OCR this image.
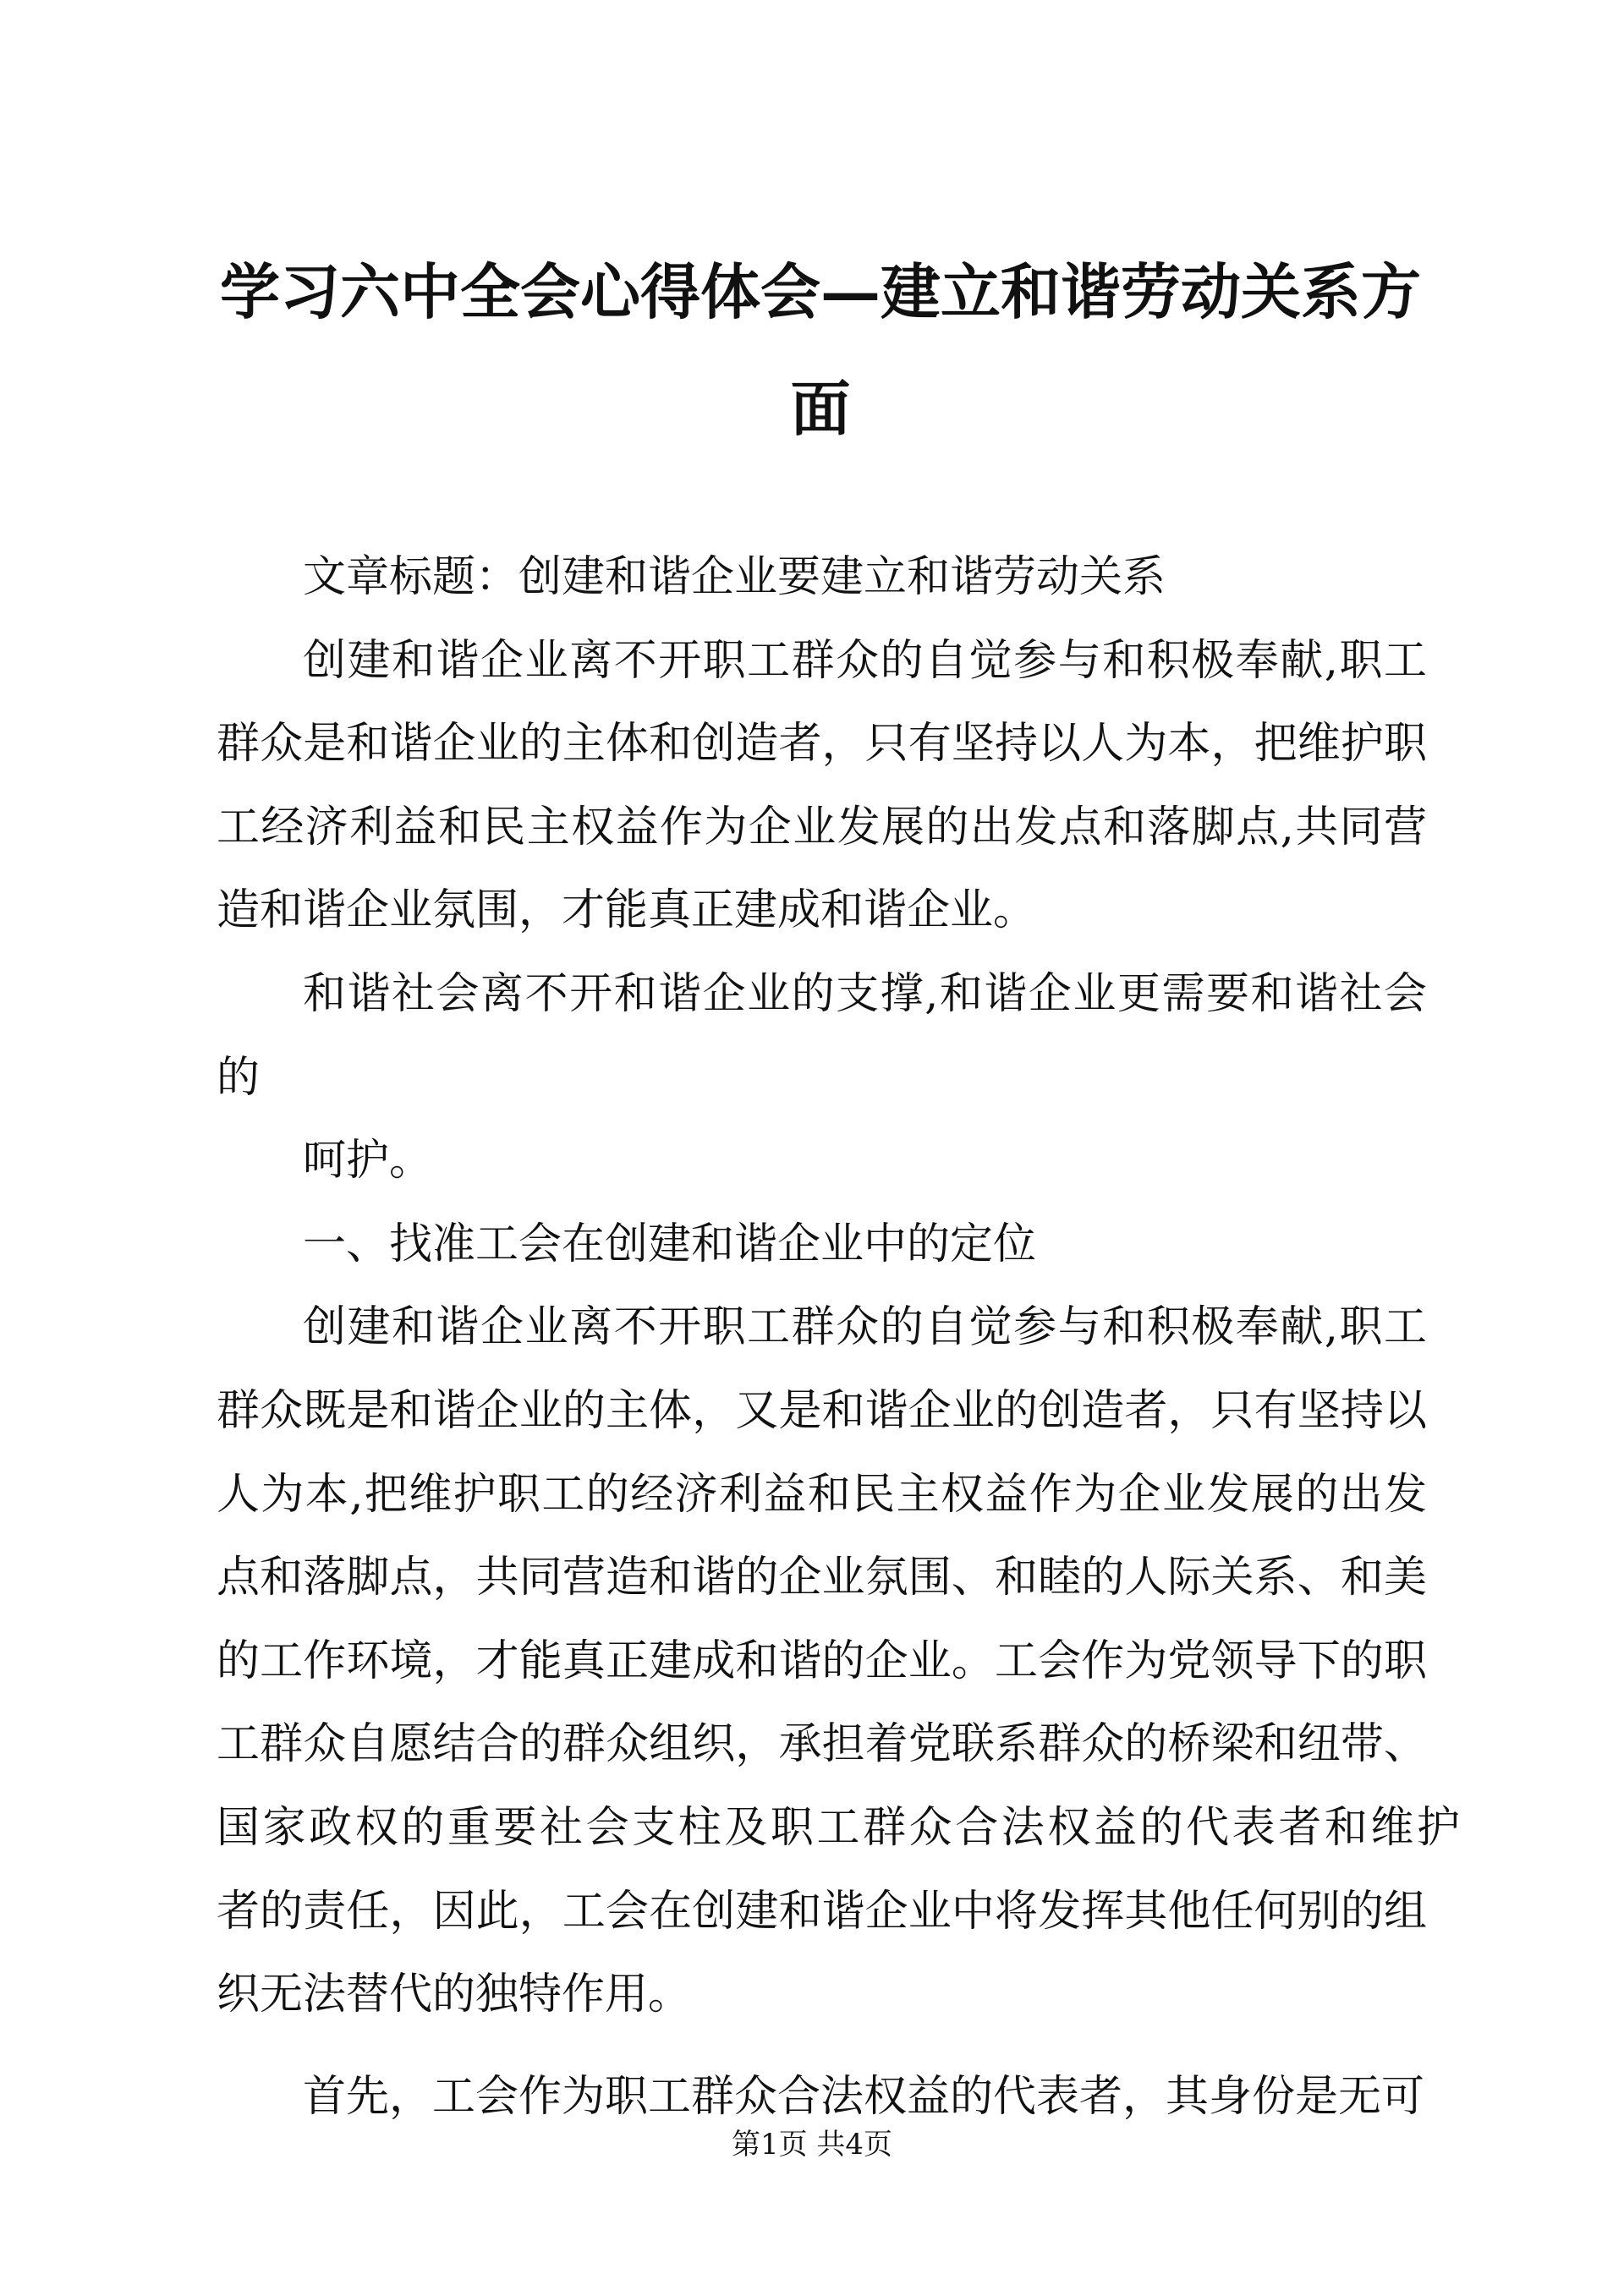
学习六中全会心得体会—建立和谐劳动关系方
面
文章标题：创建和谐企业要建立和谐劳动关系
创建和谐企业离不开职工群众的自觉参与和积极奉献,职工
群众是和谐企业的主体和创造者，只有坚持以人为本，把维护职
工经济利益和民主权益作为企业发展的出发点和落脚点,共同营
造和谐企业氛围，才能真正建成和谐企业。
和谐社会离不开和谐企业的支撑,和谐企业更需要和谐社会
的
呵护。
一、找准工会在创建和谐企业中的定位
创建和谐企业离不开职工群众的自觉参与和积极奉献,职工
群众既是和谐企业的主体，又是和谐企业的创造者，只有坚持以
人为本,把维护职工的经济利益和民主权益作为企业发展的出发
点和落脚点，共同营造和谐的企业氛围、和睦的人际关系、和美
的工作环境，才能真正建成和谐的企业。工会作为党领导下的职
工群众自愿结合的群众组织，承担着党联系群众的桥梁和纽带、
国家政权的重要社会支柱及职工群众合法权益的代表者和维护
者的责任，因此，工会在创建和谐企业中将发挥其他任何别的组
织无法替代的独特作用。
首先，工会作为职工群众合法权益的代表者，其身份是无可
第1页 共4页
